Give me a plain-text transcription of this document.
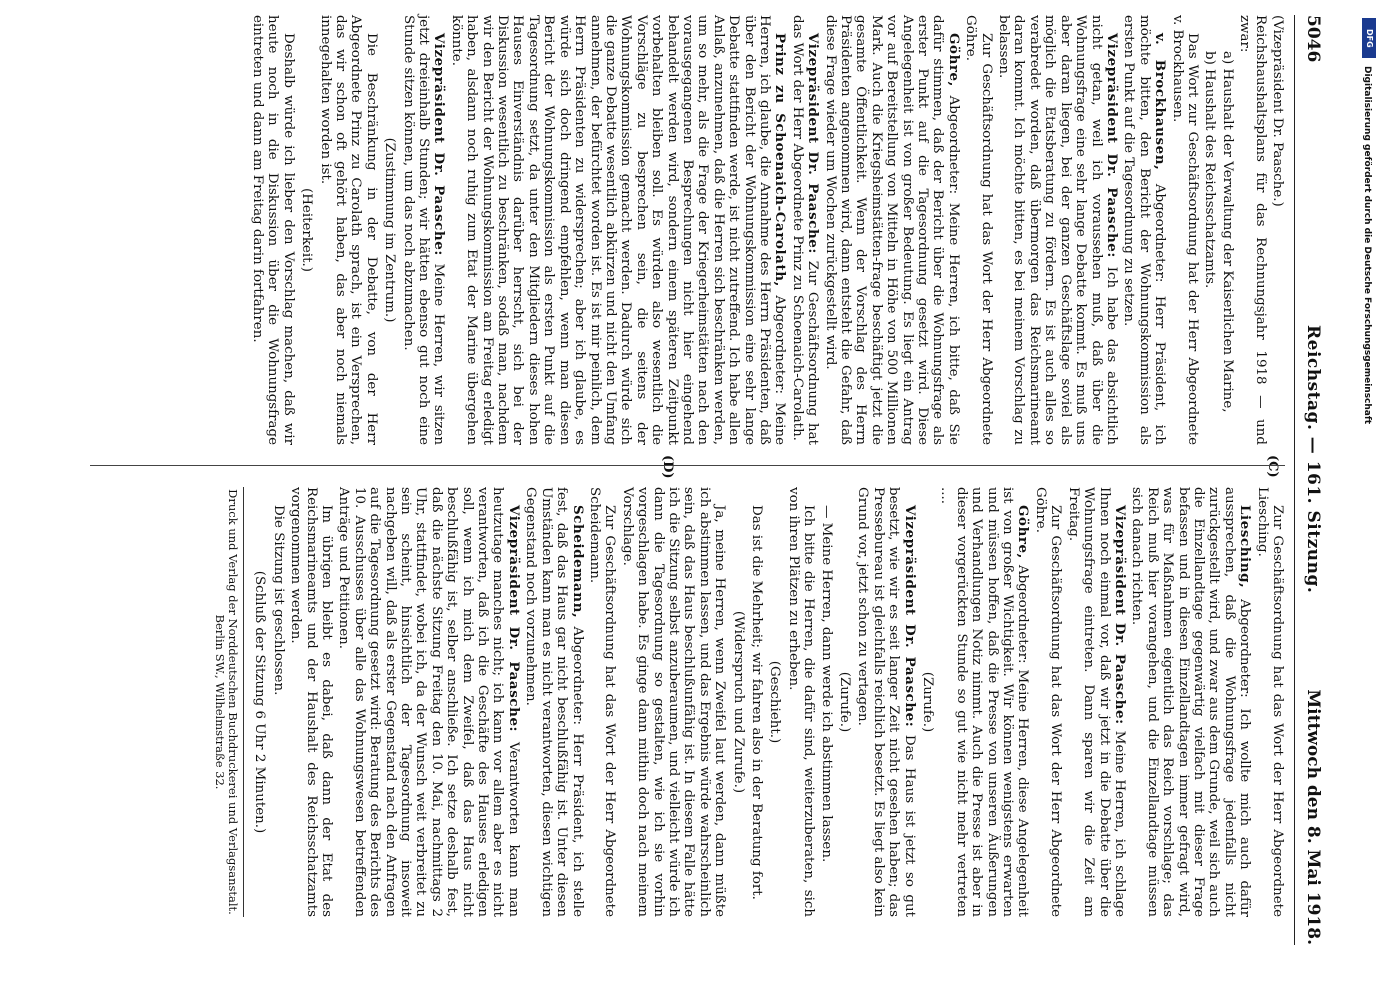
5046
Reichstag. — 161. Sitzung.
Mittwoch den 8. Mai 1918.
(C)
(D)

(Vizepräsident Dr. Paasche.)

Reichshaushaltsplans für das Rechnungsjahr 1918 — und zwar:

a) Haushalt der Verwaltung der Kaiserlichen Marine,

b) Haushalt des Reichsschatzamts.

Das Wort zur Geschäftsordnung hat der Herr Abgeordnete v. Brockhausen.

v. Brockhausen, Abgeordneter: Herr Präsident, ich möchte bitten, den Bericht der Wohnungskommission als ersten Punkt auf die Tagesordnung zu setzen.

Vizepräsident Dr. Paasche: Ich habe das absichtlich nicht getan, weil ich voraussehen muß, daß über die Wohnungsfrage eine sehr lange Debatte kommt. Es muß uns aber daran liegen, bei der ganzen Geschäftslage soviel als möglich die Etatsberatung zu fördern. Es ist auch alles so verabredet worden, daß übermorgen das Reichsmarineamt daran kommt. Ich möchte bitten, es bei meinem Vorschlag zu belassen.

Zur Geschäftsordnung hat das Wort der Herr Abgeordnete Göhre.

Göhre, Abgeordneter: Meine Herren, ich bitte, daß Sie dafür stimmen, daß der Bericht über die Wohnungsfrage als erster Punkt auf die Tagesordnung gesetzt wird. Diese Angelegenheit ist von großer Bedeutung. Es liegt ein Antrag vor auf Bereitstellung von Mitteln in Höhe von 500 Millionen Mark. Auch die Kriegsheimstätten-frage beschäftigt jetzt die gesamte Öffentlichkeit. Wenn der Vorschlag des Herrn Präsidenten angenommen wird, dann entsteht die Gefahr, daß diese Frage wieder um Wochen zurückgestellt wird.

Vizepräsident Dr. Paasche: Zur Geschäftsordnung hat das Wort der Herr Abgeordnete Prinz zu Schoenaich-Carolath.

Prinz zu Schoenaich-Carolath, Abgeordneter: Meine Herren, ich glaube, die Annahme des Herrn Präsidenten, daß über den Bericht der Wohnungskommission eine sehr lange Debatte stattfinden werde, ist nicht zutreffend. Ich habe allen Anlaß, anzunehmen, daß die Herren sich beschränken werden, um so mehr, als die Frage der Kriegerheimstätten nach den vorausgegangenen Besprechungen nicht hier eingehend behandelt werden wird, sondern einem späteren Zeitpunkt vorbehalten bleiben soll. Es würden also wesentlich die Vorschläge zu besprechen sein, die seitens der Wohnungskommission gemacht werden. Dadurch würde sich die ganze Debatte wesentlich abkürzen und nicht den Umfang annehmen, der befürchtet worden ist. Es ist mir peinlich, dem Herrn Präsidenten zu widersprechen; aber ich glaube, es würde sich doch dringend empfehlen, wenn man diesen Bericht der Wohnungskommission als ersten Punkt auf die Tagesordnung setzt, da unter den Mitgliedern dieses hohen Hauses Einverständnis darüber herrscht, sich bei der Diskussion wesentlich zu beschränken, sodaß man, nachdem wir den Bericht der Wohnungskommission am Freitag erledigt haben, alsdann noch ruhig zum Etat der Marine übergehen könnte.

Vizepräsident Dr. Paasche: Meine Herren, wir sitzen jetzt dreieinhalb Stunden; wir hätten ebenso gut noch eine Stunde sitzen können, um das noch abzumachen.

(Zustimmung im Zentrum.)

Die Beschränkung in der Debatte, von der Herr Abgeordnete Prinz zu Carolath sprach, ist ein Versprechen, das wir schon oft gehört haben, das aber noch niemals innegehalten worden ist.

(Heiterkeit.)

Deshalb würde ich lieber den Vorschlag machen, daß wir heute noch in die Diskussion über die Wohnungsfrage eintreten und dann am Freitag darin fortfahren.

Zur Geschäftsordnung hat das Wort der Herr Abgeordnete Liesching.

Liesching, Abgeordneter: Ich wollte mich auch dafür aussprechen, daß die Wohnungsfrage jedenfalls nicht zurückgestellt wird, und zwar aus dem Grunde, weil sich auch die Einzellandtage gegenwärtig vielfach mit dieser Frage befassen und in diesen Einzellandtagen immer gefragt wird, was für Maßnahmen eigentlich das Reich vorschlage; das Reich muß hier vorangehen, und die Einzellandtage müssen sich danach richten.

Vizepräsident Dr. Paasche: Meine Herren, ich schlage Ihnen noch einmal vor, daß wir jetzt in die Debatte über die Wohnungsfrage eintreten. Dann sparen wir die Zeit am Freitag.

Zur Geschäftsordnung hat das Wort der Herr Abgeordnete Göhre.

Göhre, Abgeordneter: Meine Herren, diese Angelegenheit ist von großer Wichtigkeit. Wir können wenigstens erwarten und müssen hoffen, daß die Presse von unseren Äußerungen und Verhandlungen Notiz nimmt. Auch die Presse ist aber in dieser vorgerückten Stunde so gut wie nicht mehr vertreten ....

(Zurufe.)

Vizepräsident Dr. Paasche: Das Haus ist jetzt so gut besetzt, wie wir es seit langer Zeit nicht gesehen haben; das Pressebureau ist gleichfalls reichlich besetzt. Es liegt also kein Grund vor, jetzt schon zu vertagen.

(Zurufe.)

— Meine Herren, dann werde ich abstimmen lassen.

Ich bitte die Herren, die dafür sind, weiterzuberaten, sich von ihren Plätzen zu erheben.

(Geschieht.)

Das ist die Mehrheit; wir fahren also in der Beratung fort.

(Widerspruch und Zurufe.)

Ja, meine Herren, wenn Zweifel laut werden, dann müßte ich abstimmen lassen, und das Ergebnis würde wahrscheinlich sein, daß das Haus beschlußunfähig ist. In diesem Falle hätte ich die Sitzung selbst anzuberaumen, und vielleicht würde ich dann die Tagesordnung so gestalten, wie ich sie vorhin vorgeschlagen habe. Es ginge dann mithin doch nach meinem Vorschlage.

Zur Geschäftsordnung hat das Wort der Herr Abgeordnete Scheidemann.

Scheidemann, Abgeordneter: Herr Präsident, ich stelle fest, daß das Haus gar nicht beschlußfähig ist. Unter diesen Umständen kann man es nicht verantworten, diesen wichtigen Gegenstand noch vorzunehmen.

Vizepräsident Dr. Paasche: Verantworten kann man heutzutage manches nicht; ich kann vor allem aber es nicht verantworten, daß ich die Geschäfte des Hauses erledigen soll, wenn ich mich dem Zweifel, daß das Haus nicht beschlußfähig ist, selber anschließe. Ich setze deshalb fest, daß die nächste Sitzung Freitag den 10. Mai, nachmittags 2 Uhr, stattfindet, wobei ich, da der Wunsch weit verbreitet zu sein scheint, hinsichtlich der Tagesordnung insoweit nachgeben will, daß als erster Gegenstand nach den Anfragen auf die Tagesordnung gesetzt wird: Beratung des Berichts des 10. Ausschusses über alle das Wohnungswesen betreffenden Anträge und Petitionen.

Im übrigen bleibt es dabei, daß dann der Etat des Reichsmarineamts und der Haushalt des Reichsschatzamts vorgenommen werden.

Die Sitzung ist geschlossen.

(Schluß der Sitzung 6 Uhr 2 Minuten.)

Druck und Verlag der Norddeutschen Buchdruckerei und Verlagsanstalt. Berlin SW., Wilhelmstraße 32.

DFG
Digitalisierung gefördert durch die Deutsche Forschungsgemeinschaft
